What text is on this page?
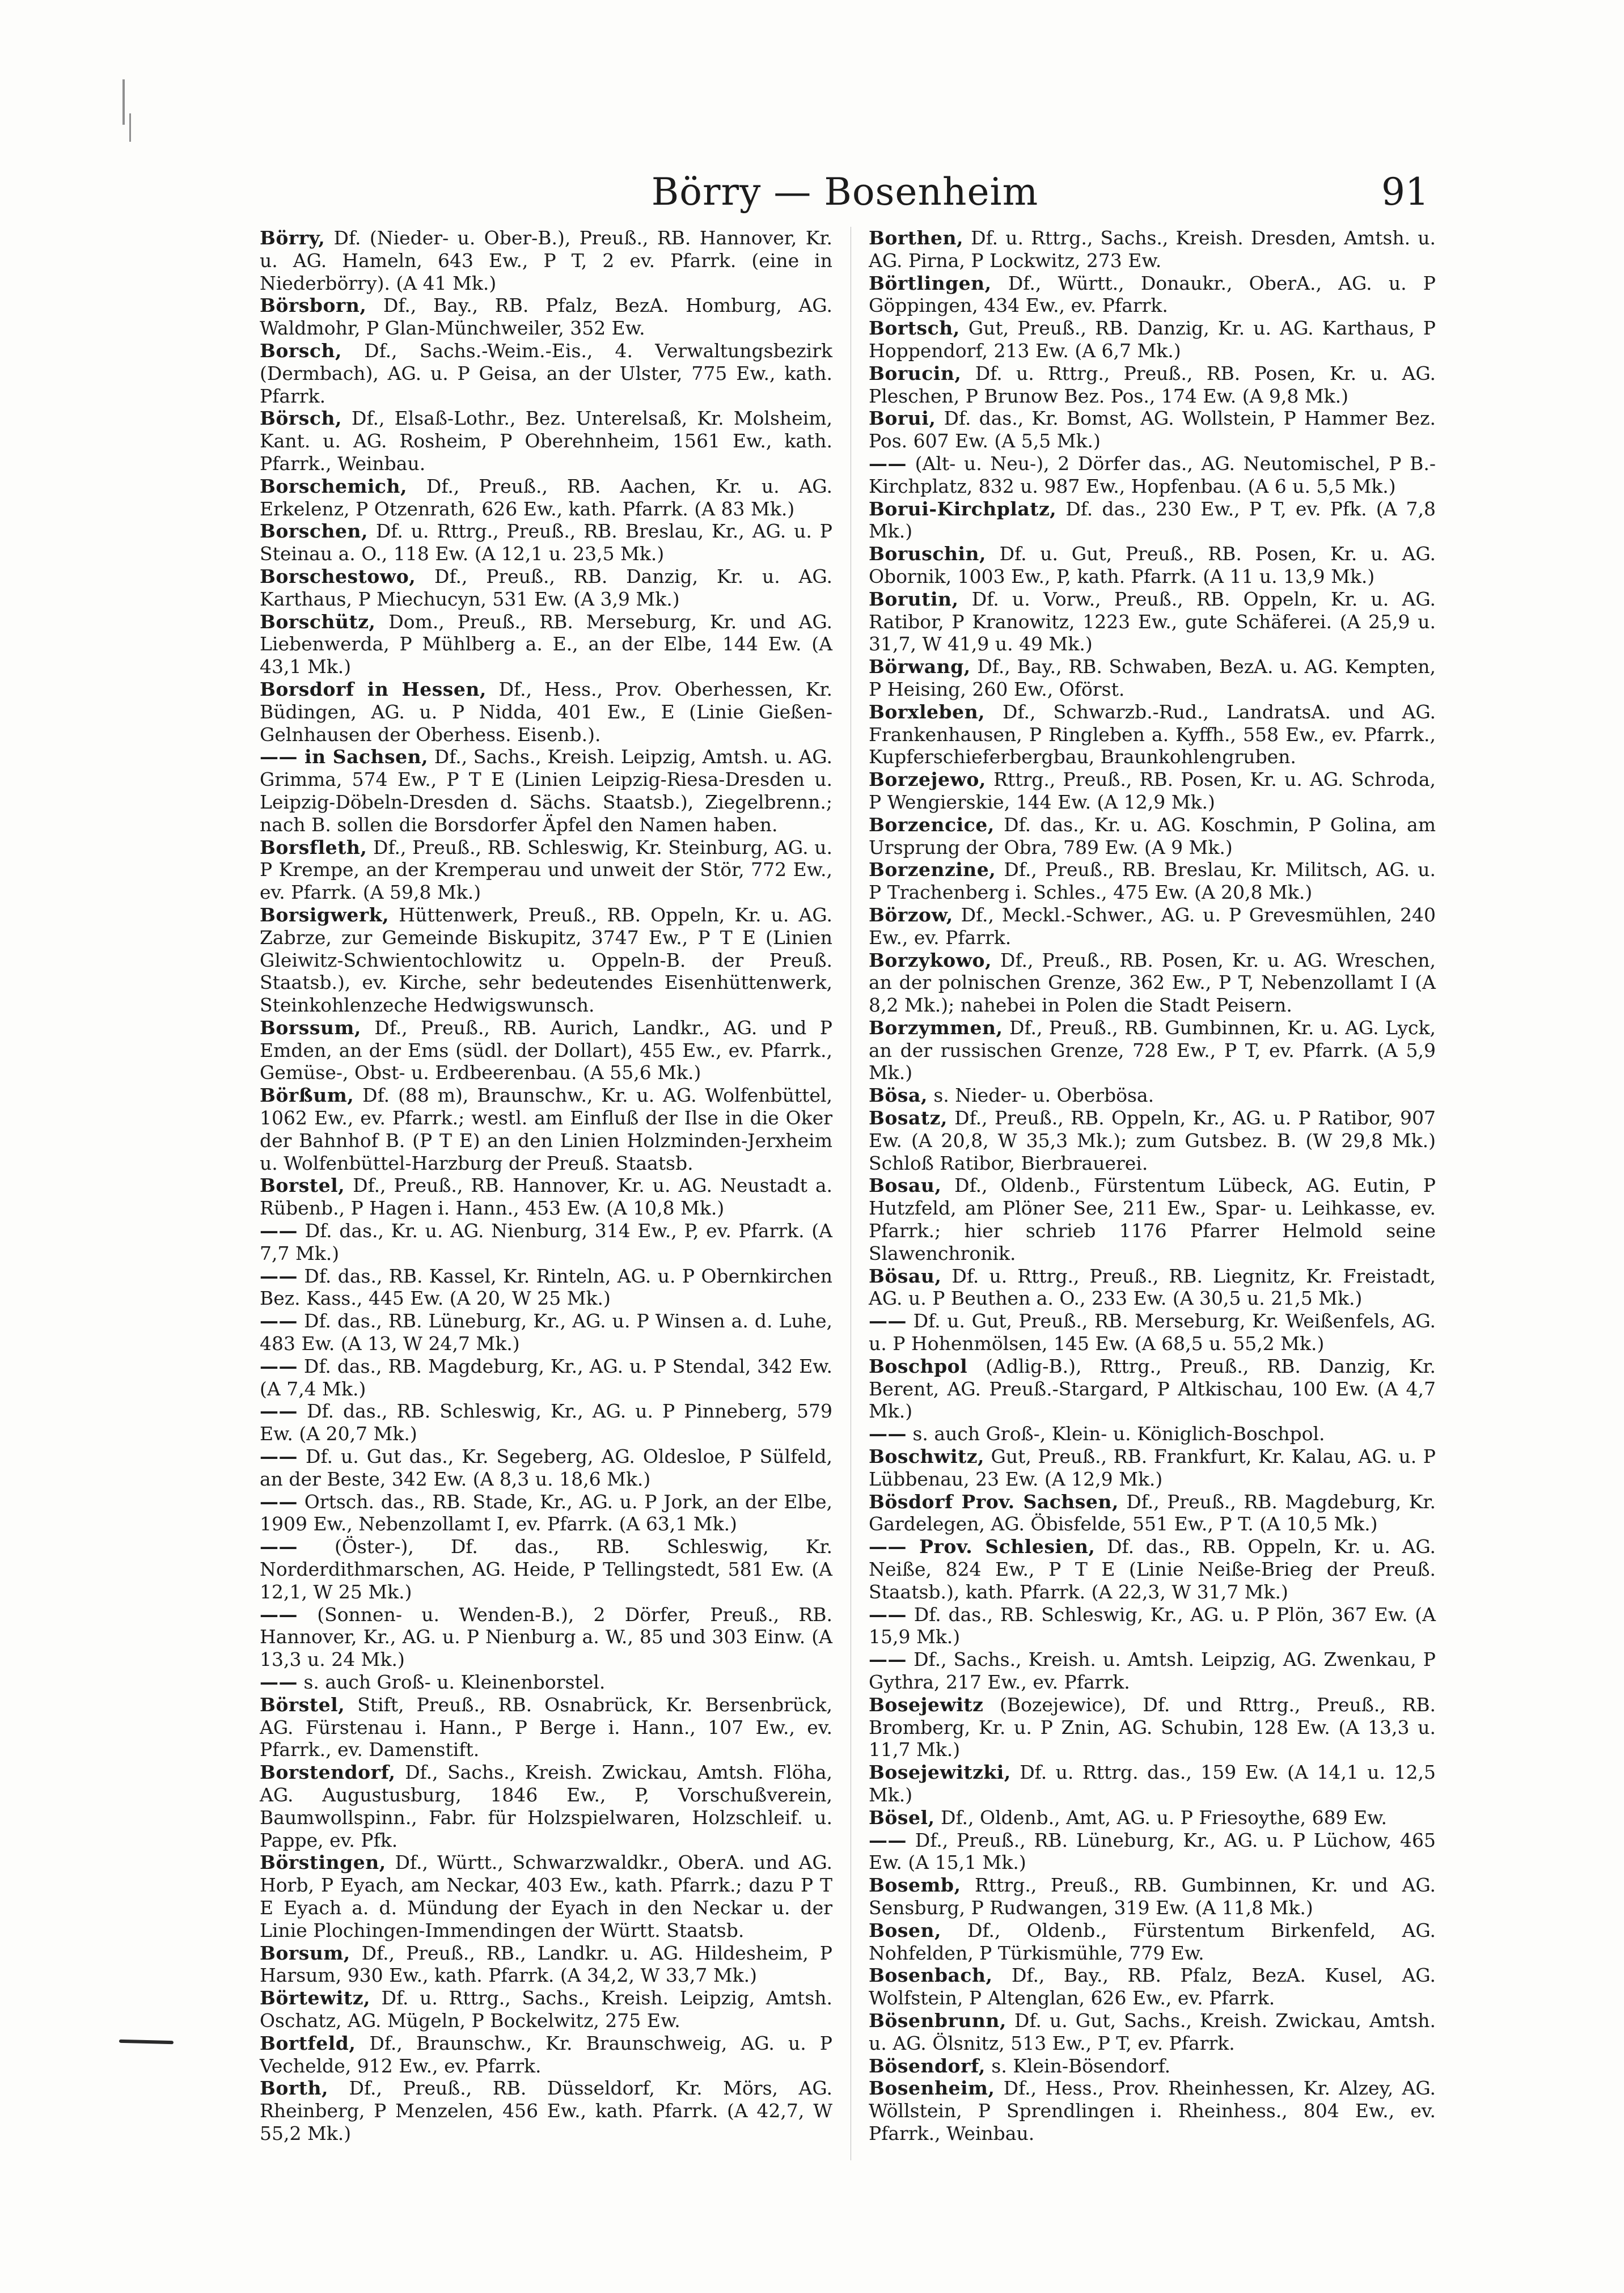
Börry — Bosenheim	91

Börry, Df. (Nieder- u. Ober-B.), Preuß., RB. Hannover, Kr. u. AG. Hameln, 643 Ew., P T, 2 ev. Pfarrk. (eine in Niederbörry). (A 41 Mk.)

Börsborn, Df., Bay., RB. Pfalz, BezA. Homburg, AG. Waldmohr, P Glan-Münchweiler, 352 Ew.

Borsch, Df., Sachs.-Weim.-Eis., 4. Verwaltungsbezirk (Dermbach), AG. u. P Geisa, an der Ulster, 775 Ew., kath. Pfarrk.

Börsch, Df., Elsaß-Lothr., Bez. Unterelsaß, Kr. Molsheim, Kant. u. AG. Rosheim, P Oberehnheim, 1561 Ew., kath. Pfarrk., Weinbau.

Borschemich, Df., Preuß., RB. Aachen, Kr. u. AG. Erkelenz, P Otzenrath, 626 Ew., kath. Pfarrk. (A 83 Mk.)

Borschen, Df. u. Rttrg., Preuß., RB. Breslau, Kr., AG. u. P Steinau a. O., 118 Ew. (A 12,1 u. 23,5 Mk.)

Borschestowo, Df., Preuß., RB. Danzig, Kr. u. AG. Karthaus, P Miechucyn, 531 Ew. (A 3,9 Mk.)

Borschütz, Dom., Preuß., RB. Merseburg, Kr. und AG. Liebenwerda, P Mühlberg a. E., an der Elbe, 144 Ew. (A 43,1 Mk.)

Borsdorf in Hessen, Df., Hess., Prov. Oberhessen, Kr. Büdingen, AG. u. P Nidda, 401 Ew., E (Linie Gießen-Gelnhausen der Oberhess. Eisenb.).

—— in Sachsen, Df., Sachs., Kreish. Leipzig, Amtsh. u. AG. Grimma, 574 Ew., P T E (Linien Leipzig-Riesa-Dresden u. Leipzig-Döbeln-Dresden d. Sächs. Staatsb.), Ziegelbrenn.; nach B. sollen die Borsdorfer Äpfel den Namen haben.

Borsfleth, Df., Preuß., RB. Schleswig, Kr. Steinburg, AG. u. P Krempe, an der Kremperau und unweit der Stör, 772 Ew., ev. Pfarrk. (A 59,8 Mk.)

Borsigwerk, Hüttenwerk, Preuß., RB. Oppeln, Kr. u. AG. Zabrze, zur Gemeinde Biskupitz, 3747 Ew., P T E (Linien Gleiwitz-Schwientochlowitz u. Oppeln-B. der Preuß. Staatsb.), ev. Kirche, sehr bedeutendes Eisenhüttenwerk, Steinkohlenzeche Hedwigswunsch.

Borssum, Df., Preuß., RB. Aurich, Landkr., AG. und P Emden, an der Ems (südl. der Dollart), 455 Ew., ev. Pfarrk., Gemüse-, Obst- u. Erdbeerenbau. (A 55,6 Mk.)

Börßum, Df. (88 m), Braunschw., Kr. u. AG. Wolfenbüttel, 1062 Ew., ev. Pfarrk.; westl. am Einfluß der Ilse in die Oker der Bahnhof B. (P T E) an den Linien Holzminden-Jerxheim u. Wolfenbüttel-Harzburg der Preuß. Staatsb.

Borstel, Df., Preuß., RB. Hannover, Kr. u. AG. Neustadt a. Rübenb., P Hagen i. Hann., 453 Ew. (A 10,8 Mk.)

—— Df. das., Kr. u. AG. Nienburg, 314 Ew., P, ev. Pfarrk. (A 7,7 Mk.)

—— Df. das., RB. Kassel, Kr. Rinteln, AG. u. P Obernkirchen Bez. Kass., 445 Ew. (A 20, W 25 Mk.)

—— Df. das., RB. Lüneburg, Kr., AG. u. P Winsen a. d. Luhe, 483 Ew. (A 13, W 24,7 Mk.)

—— Df. das., RB. Magdeburg, Kr., AG. u. P Stendal, 342 Ew. (A 7,4 Mk.)

—— Df. das., RB. Schleswig, Kr., AG. u. P Pinneberg, 579 Ew. (A 20,7 Mk.)

—— Df. u. Gut das., Kr. Segeberg, AG. Oldesloe, P Sülfeld, an der Beste, 342 Ew. (A 8,3 u. 18,6 Mk.)

—— Ortsch. das., RB. Stade, Kr., AG. u. P Jork, an der Elbe, 1909 Ew., Nebenzollamt I, ev. Pfarrk. (A 63,1 Mk.)

—— (Öster-), Df. das., RB. Schleswig, Kr. Norderdithmarschen, AG. Heide, P Tellingstedt, 581 Ew. (A 12,1, W 25 Mk.)

—— (Sonnen- u. Wenden-B.), 2 Dörfer, Preuß., RB. Hannover, Kr., AG. u. P Nienburg a. W., 85 und 303 Einw. (A 13,3 u. 24 Mk.)

—— s. auch Groß- u. Kleinenborstel.

Börstel, Stift, Preuß., RB. Osnabrück, Kr. Bersenbrück, AG. Fürstenau i. Hann., P Berge i. Hann., 107 Ew., ev. Pfarrk., ev. Damenstift.

Borstendorf, Df., Sachs., Kreish. Zwickau, Amtsh. Flöha, AG. Augustusburg, 1846 Ew., P, Vorschußverein, Baumwollspinn., Fabr. für Holzspielwaren, Holzschleif. u. Pappe, ev. Pfk.

Börstingen, Df., Württ., Schwarzwaldkr., OberA. und AG. Horb, P Eyach, am Neckar, 403 Ew., kath. Pfarrk.; dazu P T E Eyach a. d. Mündung der Eyach in den Neckar u. der Linie Plochingen-Immendingen der Württ. Staatsb.

Borsum, Df., Preuß., RB., Landkr. u. AG. Hildesheim, P Harsum, 930 Ew., kath. Pfarrk. (A 34,2, W 33,7 Mk.)

Börtewitz, Df. u. Rttrg., Sachs., Kreish. Leipzig, Amtsh. Oschatz, AG. Mügeln, P Bockelwitz, 275 Ew.

Bortfeld, Df., Braunschw., Kr. Braunschweig, AG. u. P Vechelde, 912 Ew., ev. Pfarrk.

Borth, Df., Preuß., RB. Düsseldorf, Kr. Mörs, AG. Rheinberg, P Menzelen, 456 Ew., kath. Pfarrk. (A 42,7, W 55,2 Mk.)

Borthen, Df. u. Rttrg., Sachs., Kreish. Dresden, Amtsh. u. AG. Pirna, P Lockwitz, 273 Ew.

Börtlingen, Df., Württ., Donaukr., OberA., AG. u. P Göppingen, 434 Ew., ev. Pfarrk.

Bortsch, Gut, Preuß., RB. Danzig, Kr. u. AG. Karthaus, P Hoppendorf, 213 Ew. (A 6,7 Mk.)

Borucin, Df. u. Rttrg., Preuß., RB. Posen, Kr. u. AG. Pleschen, P Brunow Bez. Pos., 174 Ew. (A 9,8 Mk.)

Borui, Df. das., Kr. Bomst, AG. Wollstein, P Hammer Bez. Pos. 607 Ew. (A 5,5 Mk.)

—— (Alt- u. Neu-), 2 Dörfer das., AG. Neutomischel, P B.-Kirchplatz, 832 u. 987 Ew., Hopfenbau. (A 6 u. 5,5 Mk.)

Borui-Kirchplatz, Df. das., 230 Ew., P T, ev. Pfk. (A 7,8 Mk.)

Boruschin, Df. u. Gut, Preuß., RB. Posen, Kr. u. AG. Obornik, 1003 Ew., P, kath. Pfarrk. (A 11 u. 13,9 Mk.)

Borutin, Df. u. Vorw., Preuß., RB. Oppeln, Kr. u. AG. Ratibor, P Kranowitz, 1223 Ew., gute Schäferei. (A 25,9 u. 31,7, W 41,9 u. 49 Mk.)

Börwang, Df., Bay., RB. Schwaben, BezA. u. AG. Kempten, P Heising, 260 Ew., Oförst.

Borxleben, Df., Schwarzb.-Rud., LandratsA. und AG. Frankenhausen, P Ringleben a. Kyffh., 558 Ew., ev. Pfarrk., Kupferschieferbergbau, Braunkohlengruben.

Borzejewo, Rttrg., Preuß., RB. Posen, Kr. u. AG. Schroda, P Wengierskie, 144 Ew. (A 12,9 Mk.)

Borzencice, Df. das., Kr. u. AG. Koschmin, P Golina, am Ursprung der Obra, 789 Ew. (A 9 Mk.)

Borzenzine, Df., Preuß., RB. Breslau, Kr. Militsch, AG. u. P Trachenberg i. Schles., 475 Ew. (A 20,8 Mk.)

Börzow, Df., Meckl.-Schwer., AG. u. P Grevesmühlen, 240 Ew., ev. Pfarrk.

Borzykowo, Df., Preuß., RB. Posen, Kr. u. AG. Wreschen, an der polnischen Grenze, 362 Ew., P T, Nebenzollamt I (A 8,2 Mk.); nahebei in Polen die Stadt Peisern.

Borzymmen, Df., Preuß., RB. Gumbinnen, Kr. u. AG. Lyck, an der russischen Grenze, 728 Ew., P T, ev. Pfarrk. (A 5,9 Mk.)

Bösa, s. Nieder- u. Oberbösa.

Bosatz, Df., Preuß., RB. Oppeln, Kr., AG. u. P Ratibor, 907 Ew. (A 20,8, W 35,3 Mk.); zum Gutsbez. B. (W 29,8 Mk.) Schloß Ratibor, Bierbrauerei.

Bosau, Df., Oldenb., Fürstentum Lübeck, AG. Eutin, P Hutzfeld, am Plöner See, 211 Ew., Spar- u. Leihkasse, ev. Pfarrk.; hier schrieb 1176 Pfarrer Helmold seine Slawenchronik.

Bösau, Df. u. Rttrg., Preuß., RB. Liegnitz, Kr. Freistadt, AG. u. P Beuthen a. O., 233 Ew. (A 30,5 u. 21,5 Mk.)

—— Df. u. Gut, Preuß., RB. Merseburg, Kr. Weißenfels, AG. u. P Hohenmölsen, 145 Ew. (A 68,5 u. 55,2 Mk.)

Boschpol (Adlig-B.), Rttrg., Preuß., RB. Danzig, Kr. Berent, AG. Preuß.-Stargard, P Altkischau, 100 Ew. (A 4,7 Mk.)

—— s. auch Groß-, Klein- u. Königlich-Boschpol.

Boschwitz, Gut, Preuß., RB. Frankfurt, Kr. Kalau, AG. u. P Lübbenau, 23 Ew. (A 12,9 Mk.)

Bösdorf Prov. Sachsen, Df., Preuß., RB. Magdeburg, Kr. Gardelegen, AG. Öbisfelde, 551 Ew., P T. (A 10,5 Mk.)

—— Prov. Schlesien, Df. das., RB. Oppeln, Kr. u. AG. Neiße, 824 Ew., P T E (Linie Neiße-Brieg der Preuß. Staatsb.), kath. Pfarrk. (A 22,3, W 31,7 Mk.)

—— Df. das., RB. Schleswig, Kr., AG. u. P Plön, 367 Ew. (A 15,9 Mk.)

—— Df., Sachs., Kreish. u. Amtsh. Leipzig, AG. Zwenkau, P Gythra, 217 Ew., ev. Pfarrk.

Bosejewitz (Bozejewice), Df. und Rttrg., Preuß., RB. Bromberg, Kr. u. P Znin, AG. Schubin, 128 Ew. (A 13,3 u. 11,7 Mk.)

Bosejewitzki, Df. u. Rttrg. das., 159 Ew. (A 14,1 u. 12,5 Mk.)

Bösel, Df., Oldenb., Amt, AG. u. P Friesoythe, 689 Ew.

—— Df., Preuß., RB. Lüneburg, Kr., AG. u. P Lüchow, 465 Ew. (A 15,1 Mk.)

Bosemb, Rttrg., Preuß., RB. Gumbinnen, Kr. und AG. Sensburg, P Rudwangen, 319 Ew. (A 11,8 Mk.)

Bosen, Df., Oldenb., Fürstentum Birkenfeld, AG. Nohfelden, P Türkismühle, 779 Ew.

Bosenbach, Df., Bay., RB. Pfalz, BezA. Kusel, AG. Wolfstein, P Altenglan, 626 Ew., ev. Pfarrk.

Bösenbrunn, Df. u. Gut, Sachs., Kreish. Zwickau, Amtsh. u. AG. Ölsnitz, 513 Ew., P T, ev. Pfarrk.

Bösendorf, s. Klein-Bösendorf.

Bosenheim, Df., Hess., Prov. Rheinhessen, Kr. Alzey, AG. Wöllstein, P Sprendlingen i. Rheinhess., 804 Ew., ev. Pfarrk., Weinbau.
